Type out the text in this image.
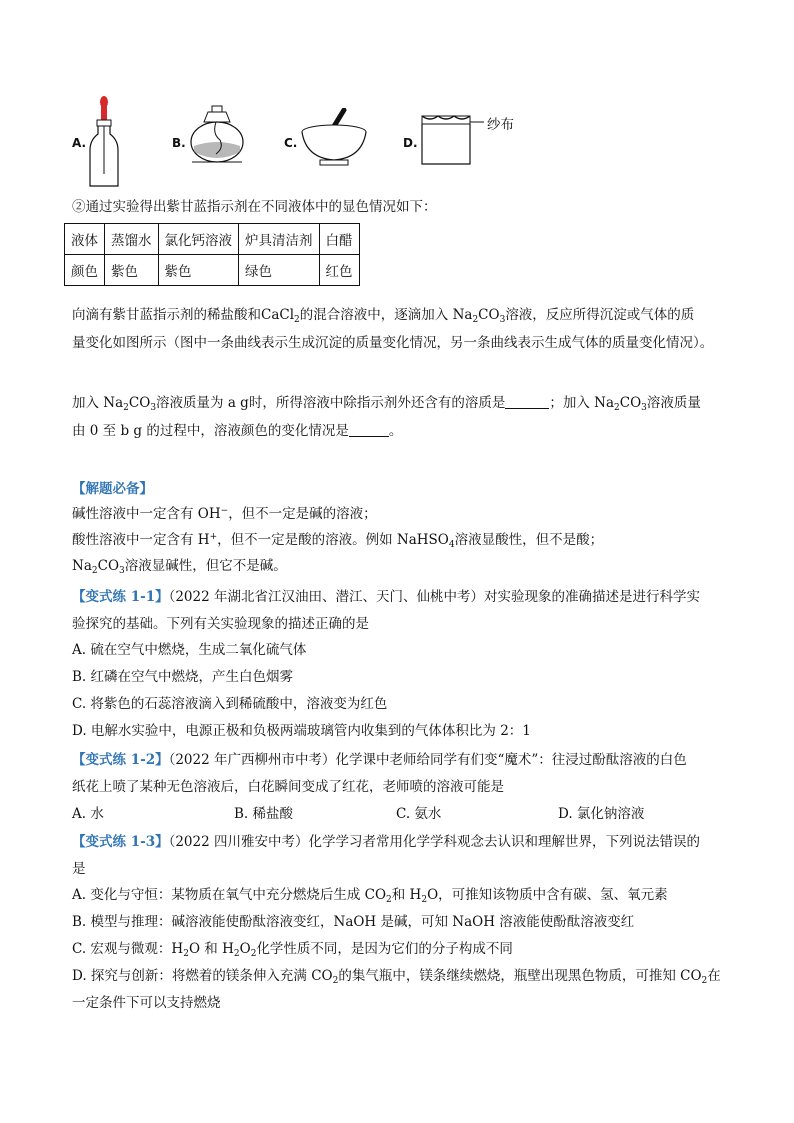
A.	B.	C.	D.
纱布
②通过实验得出紫甘蓝指示剂在不同液体中的显色情况如下：
液体	蒸馏水	氯化钙溶液	炉具清洁剂	白醋
颜色	紫色	紫色	绿色	红色
向滴有紫甘蓝指示剂的稀盐酸和CaCl$_2$的混合溶液中，逐滴加入 $Na_2CO_3$溶液，反应所得沉淀或气体的质
量变化如图所示（图中一条曲线表示生成沉淀的质量变化情况，另一条曲线表示生成气体的质量变化情况）。
加入 $Na_2CO_3$溶液质量为 a g时，所得溶液中除指示剂外还含有的溶质是	；加入 $Na_2CO_3$溶液质量
由 0 至 b g 的过程中，溶液颜色的变化情况是	。
【解题必备】
碱性溶液中一定含有 OH−，但不一定是碱的溶液；
酸性溶液中一定含有 H+，但不一定是酸的溶液。例如 NaHSO$_4$溶液显酸性，但不是酸；
$Na_2CO_3$溶液显碱性，但它不是碱。
【变式练 1-1】（2022 年湖北省江汉油田、潜江、天门、仙桃中考）对实验现象的准确描述是进行科学实
验探究的基础。下列有关实验现象的描述正确的是
A. 硫在空气中燃烧，生成二氧化硫气体
B. 红磷在空气中燃烧，产生白色烟雾
C. 将紫色的石蕊溶液滴入到稀硫酸中，溶液变为红色
D. 电解水实验中，电源正极和负极两端玻璃管内收集到的气体体积比为 2：1
【变式练 1-2】（2022 年广西柳州市中考）化学课中老师给同学有们变“魔术”：往浸过酚酞溶液的白色
纸花上喷了某种无色溶液后，白花瞬间变成了红花，老师喷的溶液可能是
A. 水	B. 稀盐酸	C. 氨水	D. 氯化钠溶液
【变式练 1-3】（2022 四川雅安中考）化学学习者常用化学学科观念去认识和理解世界，下列说法错误的
是
A. 变化与守恒：某物质在氧气中充分燃烧后生成 $CO_2$和 $H_2O$，可推知该物质中含有碳、氢、氧元素
B. 模型与推理：碱溶液能使酚酞溶液变红，NaOH 是碱，可知 NaOH 溶液能使酚酞溶液变红
C. 宏观与微观：$H_2O$ 和 $H_2O_2$化学性质不同，是因为它们的分子构成不同
D. 探究与创新：将燃着的镁条伸入充满 $CO_2$的集气瓶中，镁条继续燃烧，瓶壁出现黑色物质，可推知 $CO_2$在
一定条件下可以支持燃烧
